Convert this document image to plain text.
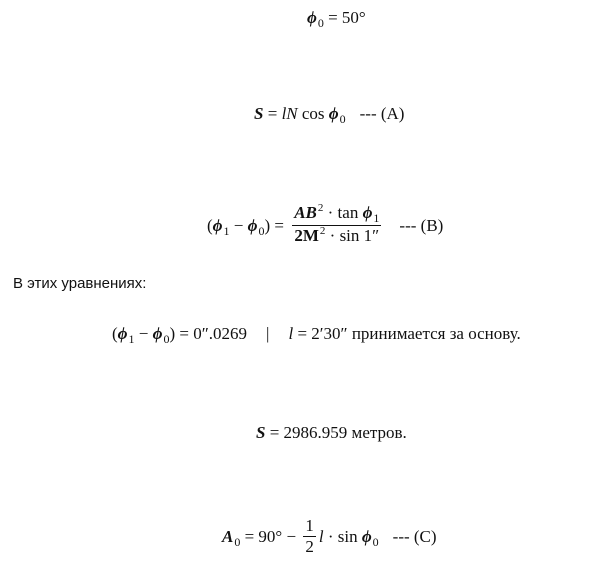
$\phi_0 = 50^\circ$
S = lN $\cos \phi_0$ --- (A)
$(\phi_1 - \phi_0) = \frac{AB^2 \cdot \tan \phi_1}{2M^2 \cdot \sin 1''}$ --- (B)
В этих уравнениях:
$(\phi_1 - \phi_0) = 0''.0269$ | l = 2′30″ принимается за основу.
S = 2986.959 метров.
$A_0 = 90^\circ - \frac{1}{2}$ $l \cdot \sin \phi_0$ --- (C)
